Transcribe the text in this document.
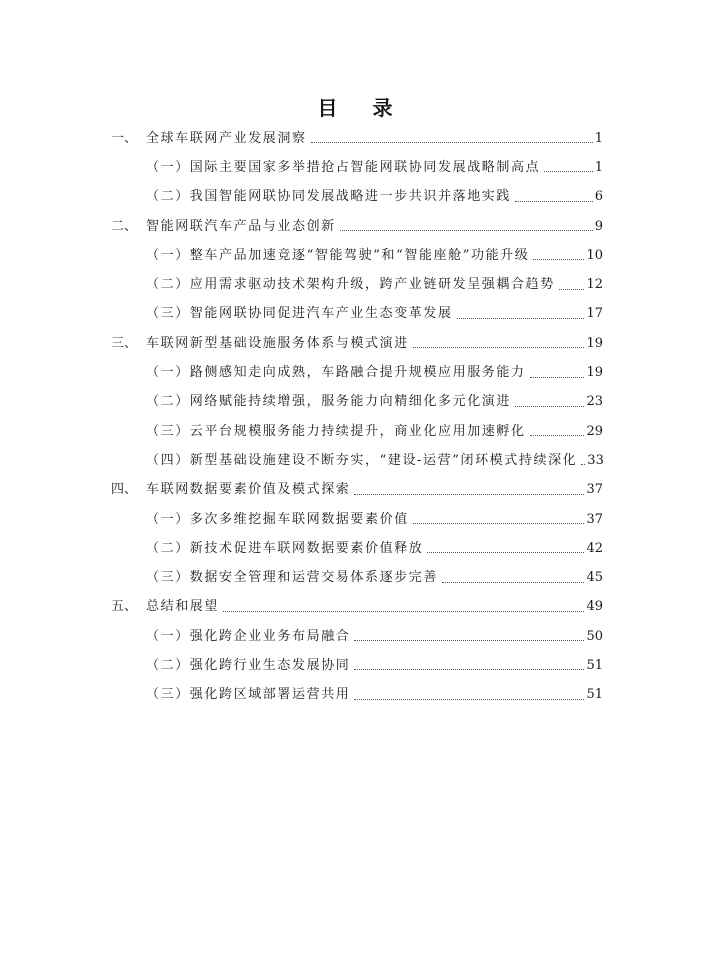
目 录
一、 全球车联网产业发展洞察	1
（一）国际主要国家多举措抢占智能网联协同发展战略制高点	1
（二）我国智能网联协同发展战略进一步共识并落地实践	6
二、 智能网联汽车产品与业态创新	9
（一）整车产品加速竞逐“智能驾驶”和“智能座舱”功能升级	10
（二）应用需求驱动技术架构升级，跨产业链研发呈强耦合趋势 12
（三）智能网联协同促进汽车产业生态变革发展	17
三、 车联网新型基础设施服务体系与模式演进	19
（一）路侧感知走向成熟，车路融合提升规模应用服务能力	19
（二）网络赋能持续增强，服务能力向精细化多元化演进	23
（三）云平台规模服务能力持续提升，商业化应用加速孵化	29
（四）新型基础设施建设不断夯实，“建设-运营”闭环模式持续深化 33
四、 车联网数据要素价值及模式探索	37
（一）多次多维挖掘车联网数据要素价值	37
（二）新技术促进车联网数据要素价值释放	42
（三）数据安全管理和运营交易体系逐步完善	45
五、 总结和展望	49
（一）强化跨企业业务布局融合	50
（二）强化跨行业生态发展协同	51
（三）强化跨区域部署运营共用	51
